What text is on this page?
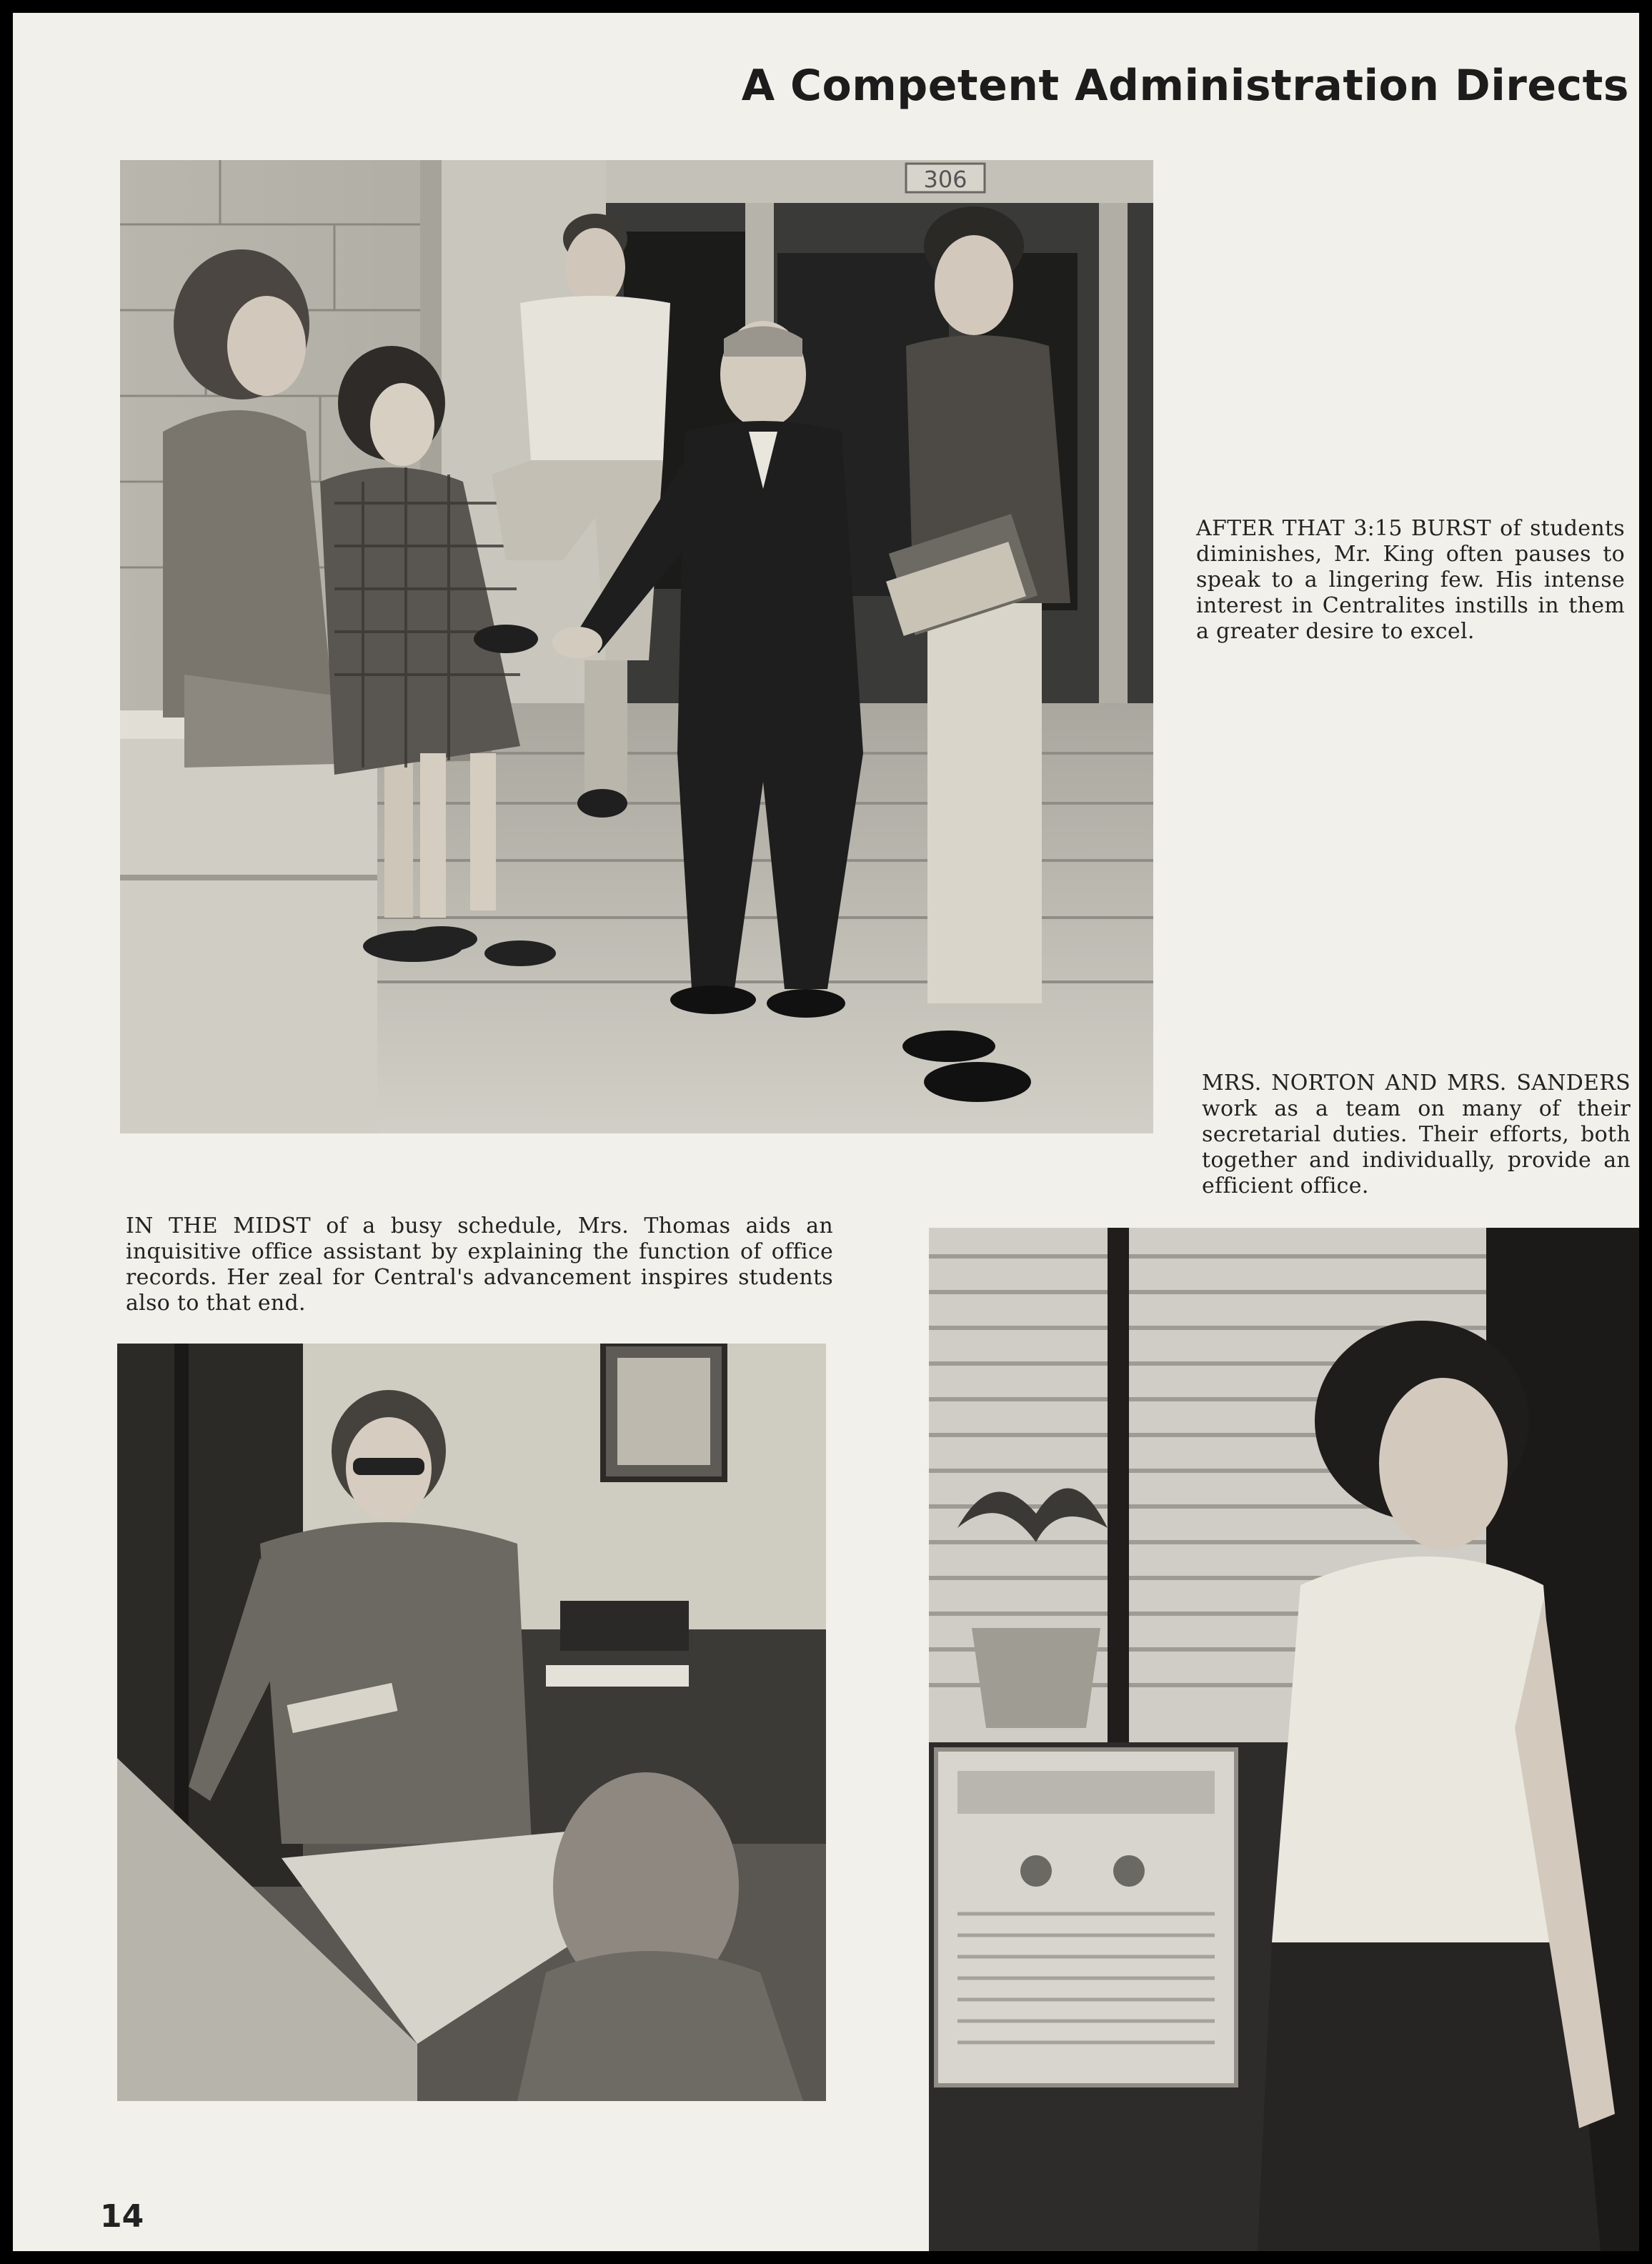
A Competent Administration Directs
306

AFTER THAT 3:15 BURST of students diminishes, Mr. King often pauses to speak to a lingering few. His intense interest in Centralites instills in them a greater desire to excel.

MRS. NORTON AND MRS. SANDERS work as a team on many of their secretarial duties. Their efforts, both together and individually, provide an efficient office.

IN THE MIDST of a busy schedule, Mrs. Thomas aids an inquisitive office assistant by explaining the function of office records. Her zeal for Central's advancement inspires students also to that end.

14
